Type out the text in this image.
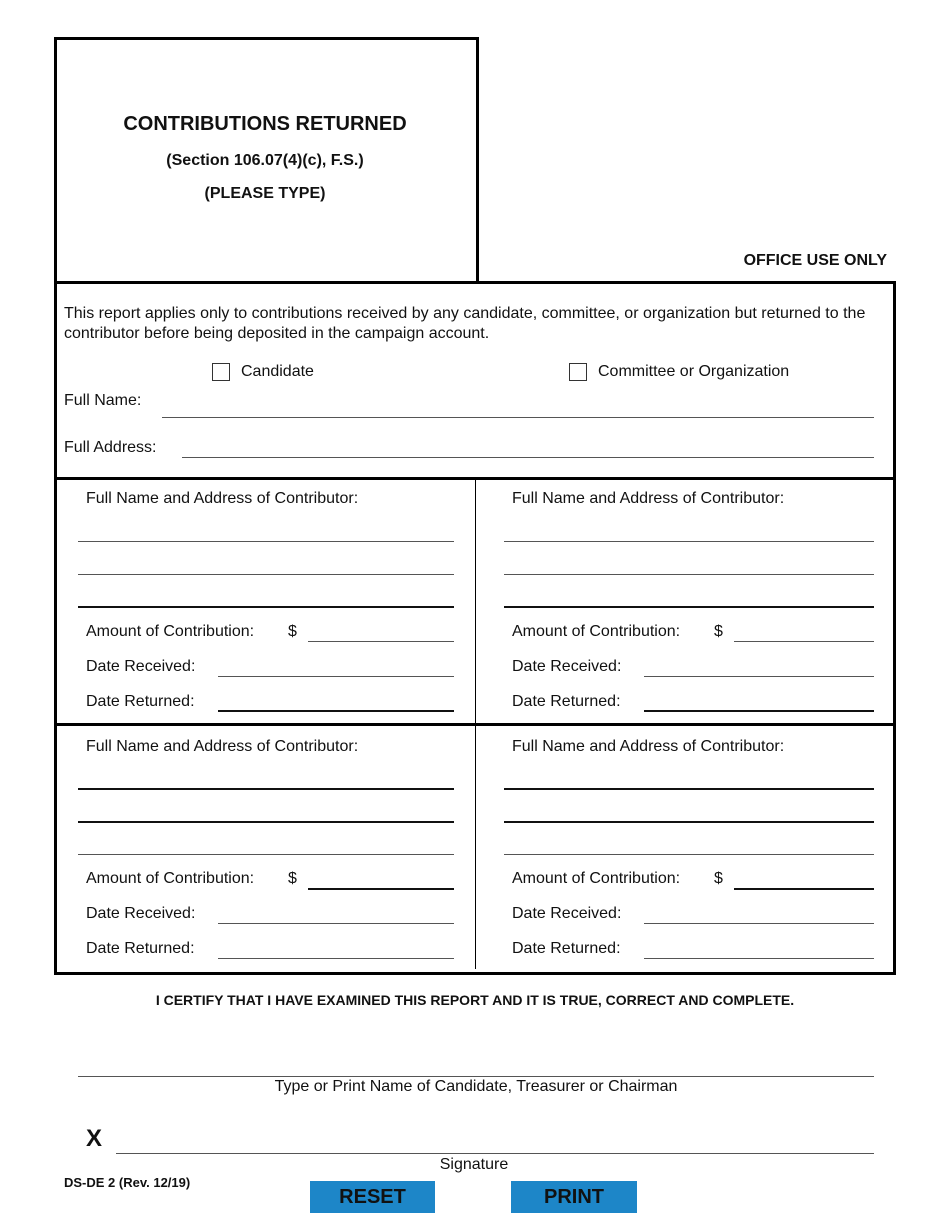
CONTRIBUTIONS RETURNED
(Section 106.07(4)(c), F.S.)
(PLEASE TYPE)
OFFICE USE ONLY
This report applies only to contributions received by any candidate, committee, or organization but returned to the contributor before being deposited in the campaign account.
Candidate	Committee or Organization
Full Name:
Full Address:
Full Name and Address of Contributor:
Amount of Contribution: $
Date Received:
Date Returned:
Full Name and Address of Contributor:
Amount of Contribution: $
Date Received:
Date Returned:
Full Name and Address of Contributor:
Amount of Contribution: $
Date Received:
Date Returned:
Full Name and Address of Contributor:
Amount of Contribution: $
Date Received:
Date Returned:
I CERTIFY THAT I HAVE EXAMINED THIS REPORT AND IT IS TRUE, CORRECT AND COMPLETE.
Type or Print Name of Candidate, Treasurer or Chairman
X
Signature
DS-DE 2 (Rev. 12/19)
RESET	PRINT
